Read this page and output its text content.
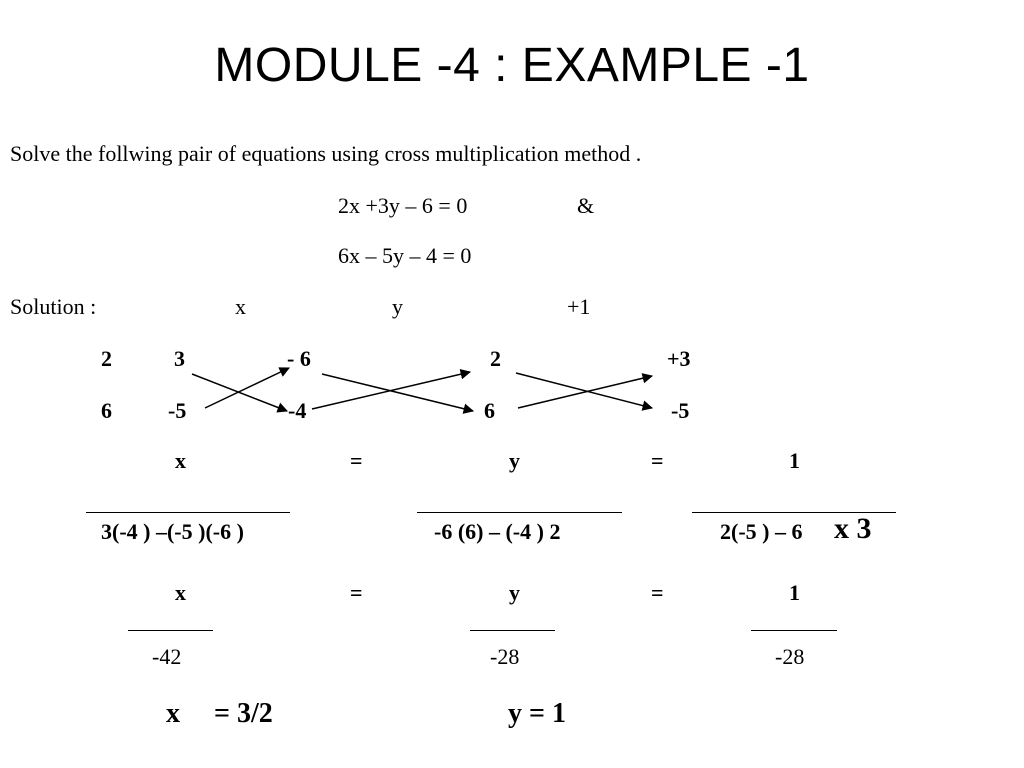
MODULE -4 : EXAMPLE -1
Solve the follwing pair of equations using cross multiplication method .
2x +3y – 6 = 0	&
6x – 5y – 4 = 0
Solution :	x	y	+1
2	3	- 6	2	+3
6	-5	-4	6	-5
x	=	y	=	1
3(-4 ) –(-5 )(-6 )	-6 (6) – (-4 ) 2	2(-5 ) – 6 x 3
x	=	y	=	1
-42	-28	-28
x = 3/2	y = 1
